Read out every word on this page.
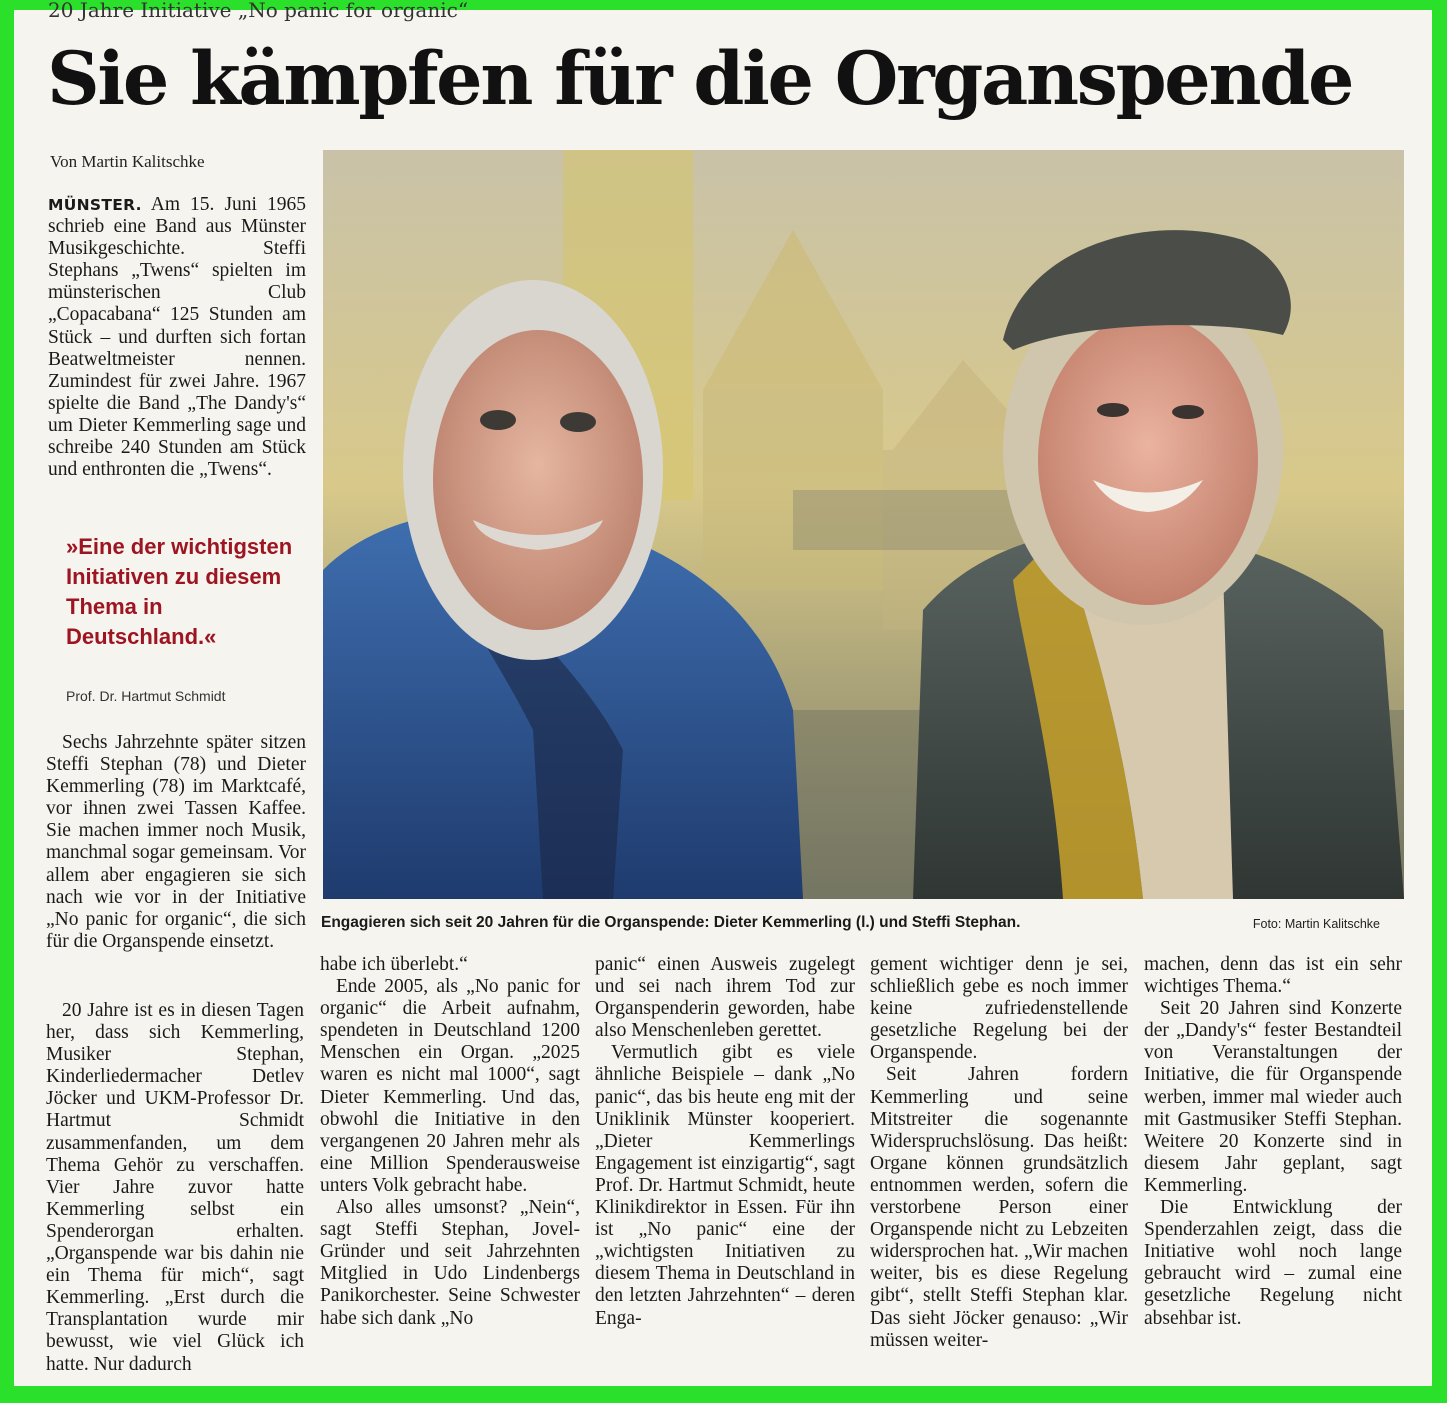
20 Jahre Initiative „No panic for organic“
Sie kämpfen für die Organspende
Von Martin Kalitschke

MÜNSTER. Am 15. Juni 1965 schrieb eine Band aus Münster Musikgeschichte. Steffi Stephans „Twens“ spielten im münsterischen Club „Copacabana“ 125 Stunden am Stück – und durften sich fortan Beatweltmeister nennen. Zumindest für zwei Jahre. 1967 spielte die Band „The Dandy's“ um Dieter Kemmerling sage und schreibe 240 Stunden am Stück und enthronten die „Twens“.

»Eine der wichtigsten Initiativen zu diesem Thema in Deutschland.«
Prof. Dr. Hartmut Schmidt

Sechs Jahrzehnte später sitzen Steffi Stephan (78) und Dieter Kemmerling (78) im Marktcafé, vor ihnen zwei Tassen Kaffee. Sie machen immer noch Musik, manchmal sogar gemeinsam. Vor allem aber engagieren sie sich nach wie vor in der Initiative „No panic for organic“, die sich für die Organspende einsetzt.

20 Jahre ist es in diesen Tagen her, dass sich Kemmerling, Musiker Stephan, Kinderliedermacher Detlev Jöcker und UKM-Professor Dr. Hartmut Schmidt zusammenfanden, um dem Thema Gehör zu verschaffen. Vier Jahre zuvor hatte Kemmerling selbst ein Spenderorgan erhalten. „Organspende war bis dahin nie ein Thema für mich“, sagt Kemmerling. „Erst durch die Transplantation wurde mir bewusst, wie viel Glück ich hatte. Nur dadurch

Engagieren sich seit 20 Jahren für die Organspende: Dieter Kemmerling (l.) und Steffi Stephan.	Foto: Martin Kalitschke

habe ich überlebt.“

Ende 2005, als „No panic for organic“ die Arbeit aufnahm, spendeten in Deutschland 1200 Menschen ein Organ. „2025 waren es nicht mal 1000“, sagt Dieter Kemmerling. Und das, obwohl die Initiative in den vergangenen 20 Jahren mehr als eine Million Spenderausweise unters Volk gebracht habe.

Also alles umsonst? „Nein“, sagt Steffi Stephan, Jovel-Gründer und seit Jahrzehnten Mitglied in Udo Lindenbergs Panikorchester. Seine Schwester habe sich dank „No

panic“ einen Ausweis zugelegt und sei nach ihrem Tod zur Organspenderin geworden, habe also Menschenleben gerettet.

Vermutlich gibt es viele ähnliche Beispiele – dank „No panic“, das bis heute eng mit der Uniklinik Münster kooperiert. „Dieter Kemmerlings Engagement ist einzigartig“, sagt Prof. Dr. Hartmut Schmidt, heute Klinikdirektor in Essen. Für ihn ist „No panic“ eine der „wichtigsten Initiativen zu diesem Thema in Deutschland in den letzten Jahrzehnten“ – deren Enga-

gement wichtiger denn je sei, schließlich gebe es noch immer keine zufriedenstellende gesetzliche Regelung bei der Organspende.

Seit Jahren fordern Kemmerling und seine Mitstreiter die sogenannte Widerspruchslösung. Das heißt: Organe können grundsätzlich entnommen werden, sofern die verstorbene Person einer Organspende nicht zu Lebzeiten widersprochen hat. „Wir machen weiter, bis es diese Regelung gibt“, stellt Steffi Stephan klar. Das sieht Jöcker genauso: „Wir müssen weiter-

machen, denn das ist ein sehr wichtiges Thema.“

Seit 20 Jahren sind Konzerte der „Dandy's“ fester Bestandteil von Veranstaltungen der Initiative, die für Organspende werben, immer mal wieder auch mit Gastmusiker Steffi Stephan. Weitere 20 Konzerte sind in diesem Jahr geplant, sagt Kemmerling.

Die Entwicklung der Spenderzahlen zeigt, dass die Initiative wohl noch lange gebraucht wird – zumal eine gesetzliche Regelung nicht absehbar ist.
